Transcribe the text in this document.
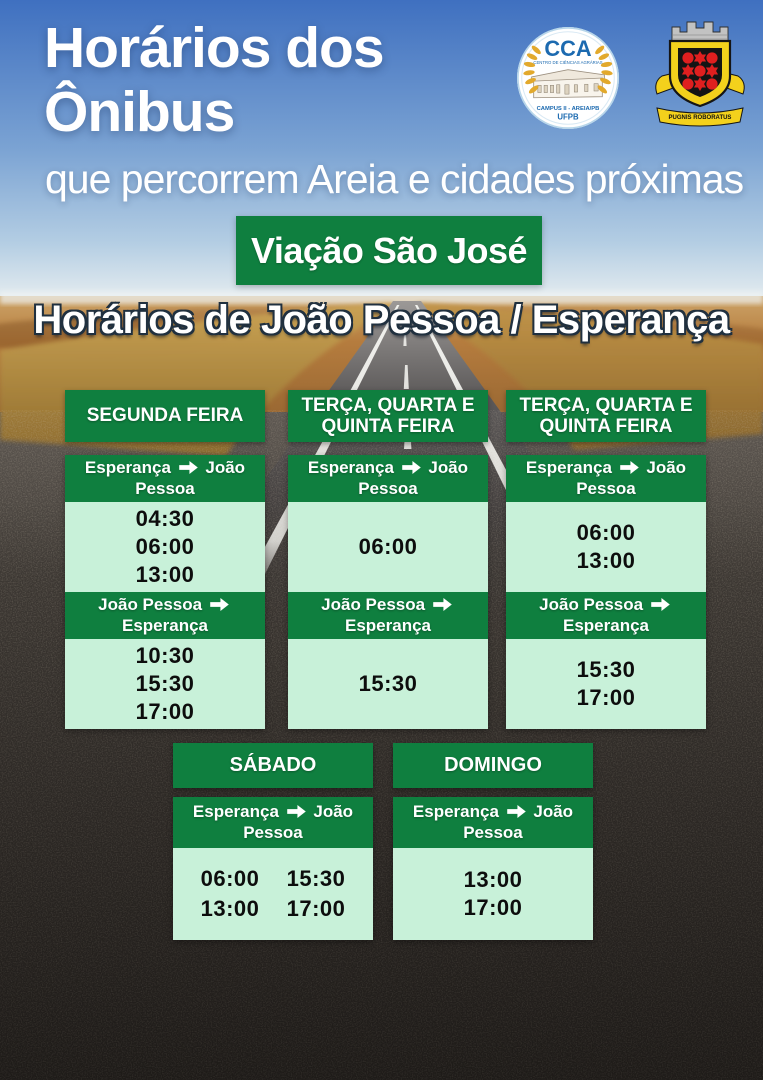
Horários dos
Ônibus
que percorrem Areia e cidades próximas
CCA
CENTRO DE CIÊNCIAS AGRÁRIAS
CAMPUS II - AREIA/PB
UFPB	PUGNIS ROBORATUS
Viação São José
Horários de João Pessoa / Esperança
SEGUNDA FEIRA
Esperança João Pessoa
04:30
06:00
13:00
João Pessoa  Esperança
10:30
15:30
17:00
TERÇA, QUARTA E QUINTA FEIRA
Esperança João Pessoa
06:00
João Pessoa  Esperança
15:30
TERÇA, QUARTA E QUINTA FEIRA
Esperança João Pessoa
06:00
13:00
João Pessoa  Esperança
15:30
17:00
SÁBADO
Esperança João Pessoa
06:00 15:30
13:00 17:00
DOMINGO
Esperança João Pessoa
13:00
17:00
